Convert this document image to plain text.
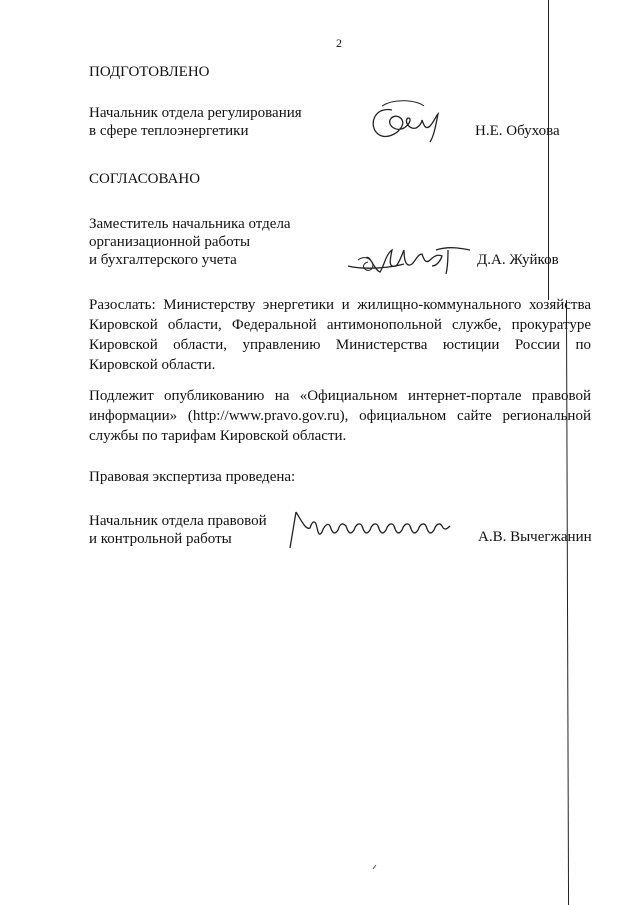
2
ПОДГОТОВЛЕНО
Начальник отдела регулирования
в сфере теплоэнергетики	Н.Е. Обухова
СОГЛАСОВАНО
Заместитель начальника отдела
организационной работы
и бухгалтерского учета	Д.А. Жуйков
Разослать: Министерству энергетики и жилищно-коммунального хозяйства Кировской области, Федеральной антимонопольной службе, прокуратуре Кировской области, управлению Министерства юстиции России по Кировской области.
Подлежит опубликованию на «Официальном интернет-портале правовой информации» (http://www.pravo.gov.ru), официальном сайте региональной службы по тарифам Кировской области.
Правовая экспертиза проведена:
Начальник отдела правовой
и контрольной работы	А.В. Вычегжанин
